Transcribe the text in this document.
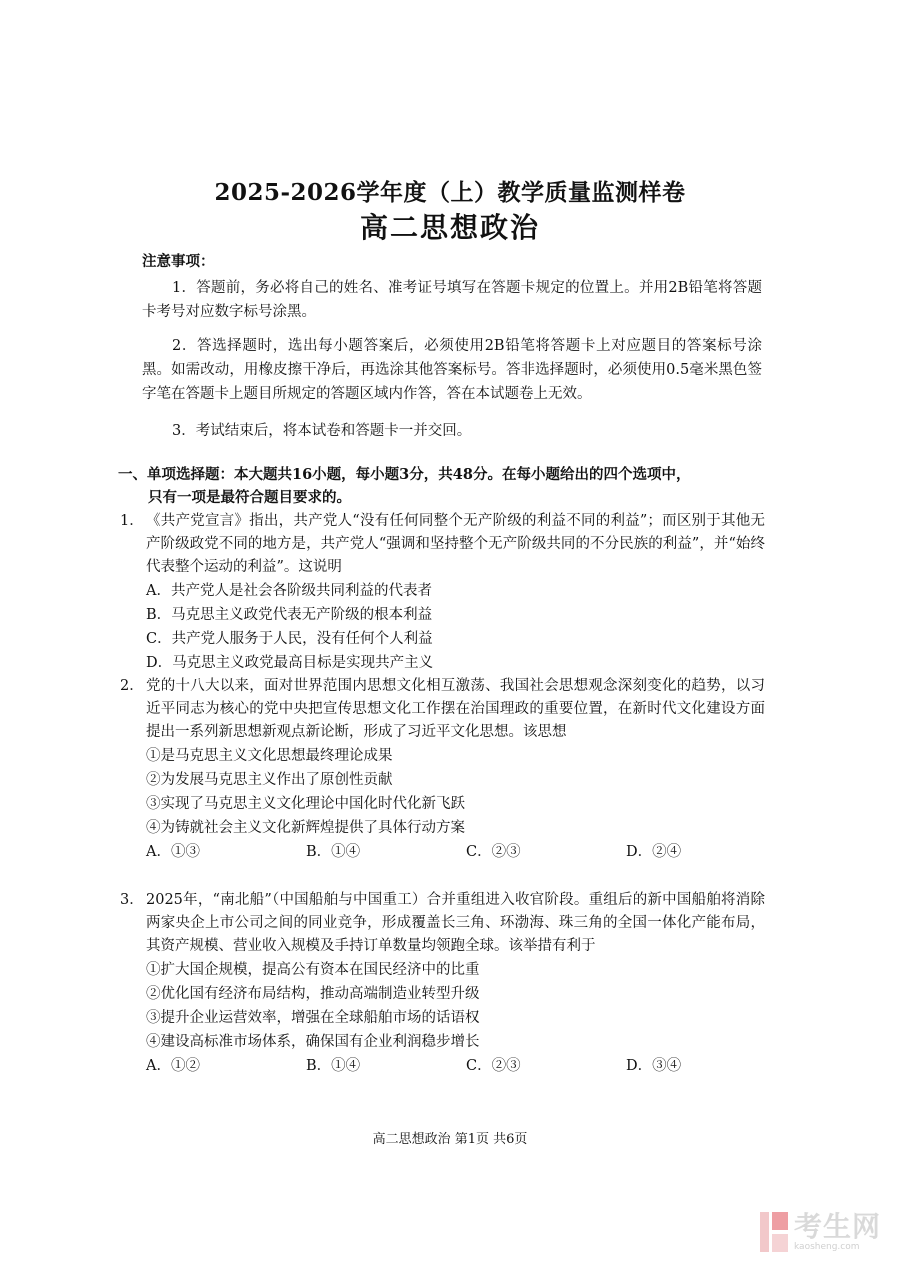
2025-2026学年度（上）教学质量监测样卷
高二思想政治
注意事项：
1．答题前，务必将自己的姓名、准考证号填写在答题卡规定的位置上。并用2B铅笔将答题卡考号对应数字标号涂黑。
2．答选择题时，选出每小题答案后，必须使用2B铅笔将答题卡上对应题目的答案标号涂黑。如需改动，用橡皮擦干净后，再选涂其他答案标号。答非选择题时，必须使用0.5毫米黑色签字笔在答题卡上题目所规定的答题区域内作答，答在本试题卷上无效。
3．考试结束后，将本试卷和答题卡一并交回。
一、单项选择题：本大题共16小题，每小题3分，共48分。在每小题给出的四个选项中，
只有一项是最符合题目要求的。
1． 《共产党宣言》指出，共产党人“没有任何同整个无产阶级的利益不同的利益”；而区别于其他无产阶级政党不同的地方是，共产党人“强调和坚持整个无产阶级共同的不分民族的利益”，并“始终代表整个运动的利益”。这说明
A．共产党人是社会各阶级共同利益的代表者
B．马克思主义政党代表无产阶级的根本利益
C．共产党人服务于人民，没有任何个人利益
D．马克思主义政党最高目标是实现共产主义
2． 党的十八大以来，面对世界范围内思想文化相互激荡、我国社会思想观念深刻变化的趋势，以习近平同志为核心的党中央把宣传思想文化工作摆在治国理政的重要位置，在新时代文化建设方面提出一系列新思想新观点新论断，形成了习近平文化思想。该思想
①是马克思主义文化思想最终理论成果
②为发展马克思主义作出了原创性贡献
③实现了马克思主义文化理论中国化时代化新飞跃
④为铸就社会主义文化新辉煌提供了具体行动方案
A．①③	B．①④	C．②③	D．②④
3． 2025年，“南北船”（中国船舶与中国重工）合并重组进入收官阶段。重组后的新中国船舶将消除两家央企上市公司之间的同业竞争，形成覆盖长三角、环渤海、珠三角的全国一体化产能布局，其资产规模、营业收入规模及手持订单数量均领跑全球。该举措有利于
①扩大国企规模，提高公有资本在国民经济中的比重
②优化国有经济布局结构，推动高端制造业转型升级
③提升企业运营效率，增强在全球船舶市场的话语权
④建设高标准市场体系，确保国有企业利润稳步增长
A．①②	B．①④	C．②③	D．③④
高二思想政治 第1页 共6页
考生网
kaosheng.com
